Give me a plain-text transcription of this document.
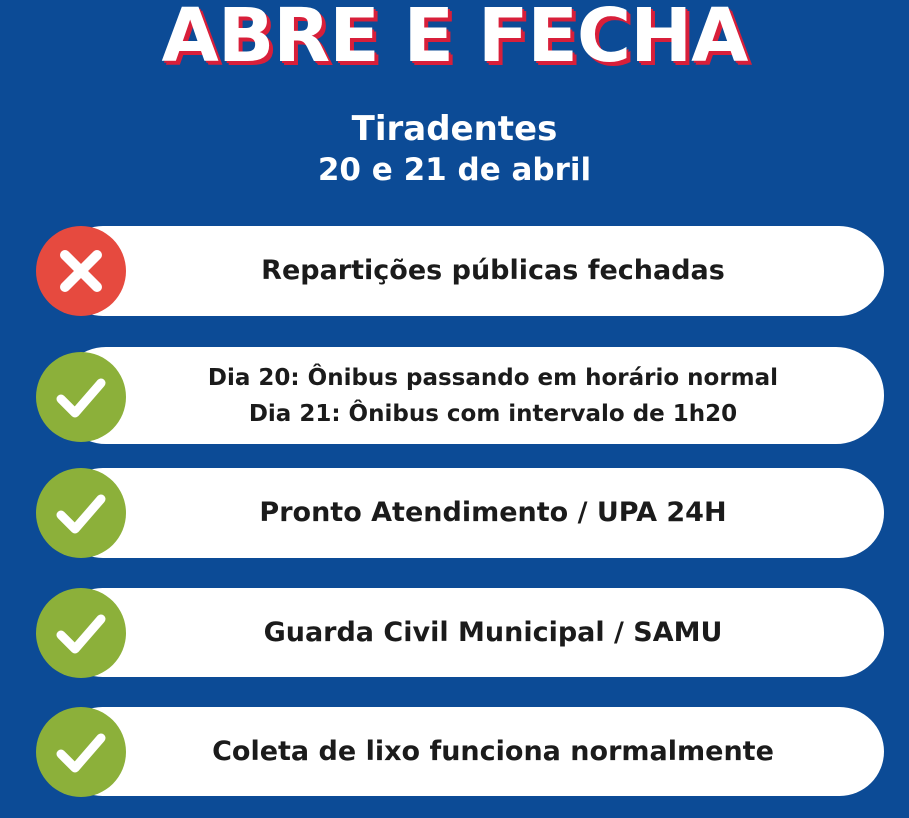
ABRE E FECHA
Tiradentes
20 e 21 de abril
Repartições públicas fechadas
Dia 20: Ônibus passando em horário normal
Dia 21: Ônibus com intervalo de 1h20
Pronto Atendimento / UPA 24H
Guarda Civil Municipal / SAMU
Coleta de lixo funciona normalmente
